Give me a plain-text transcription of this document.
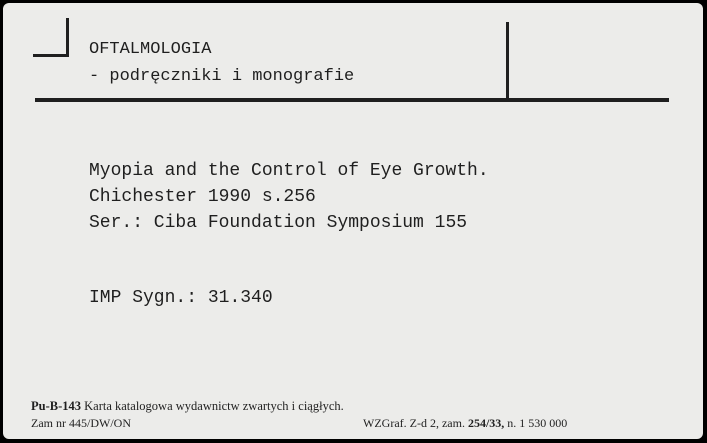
OFTALMOLOGIA
- podręczniki i monografie
Myopia and the Control of Eye Growth.
Chichester 1990 s.256
Ser.: Ciba Foundation Symposium 155
IMP Sygn.: 31.340
Pu-B-143 Karta katalogowa wydawnictw zwartych i ciągłych.
Zam nr 445/DW/ON	WZGraf. Z-d 2, zam. 254/33, n. 1 530 000
